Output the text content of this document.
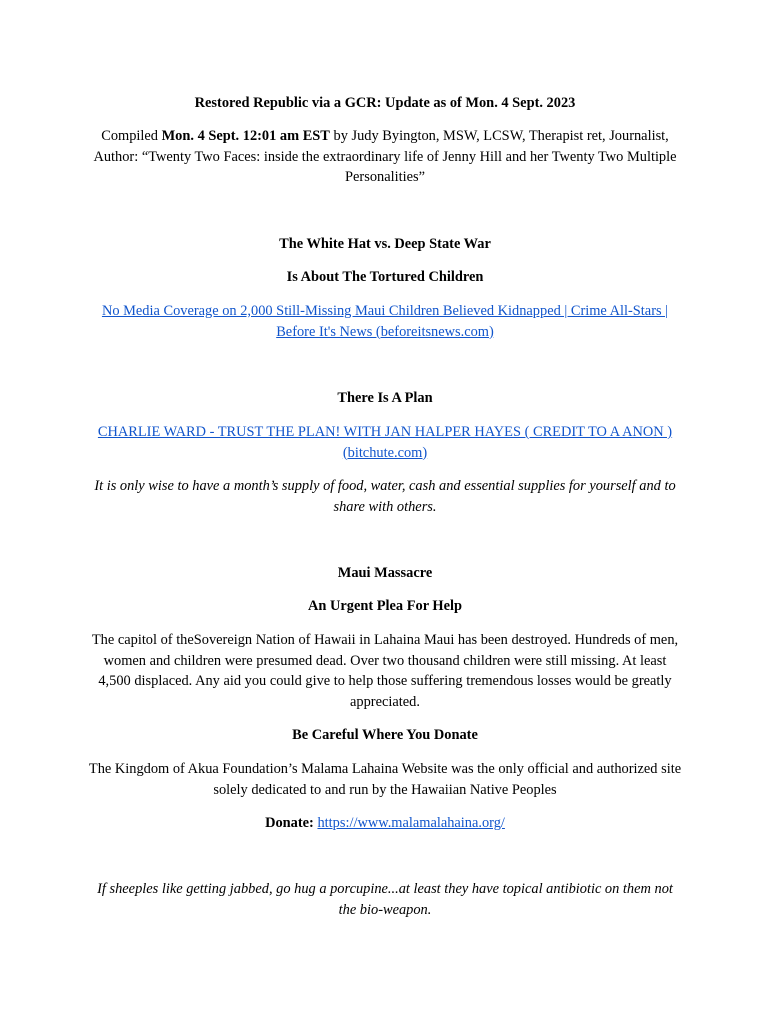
Restored Republic via a GCR: Update as of Mon. 4 Sept. 2023

Compiled Mon. 4 Sept. 12:01 am EST by Judy Byington, MSW, LCSW, Therapist ret, Journalist, Author: “Twenty Two Faces: inside the extraordinary life of Jenny Hill and her Twenty Two Multiple Personalities”

The White Hat vs. Deep State War

Is About The Tortured Children

No Media Coverage on 2,000 Still-Missing Maui Children Believed Kidnapped | Crime All-Stars | Before It's News (beforeitsnews.com)

There Is A Plan

CHARLIE WARD - TRUST THE PLAN! WITH JAN HALPER HAYES ( CREDIT TO A ANON ) (bitchute.com)

It is only wise to have a month’s supply of food, water, cash and essential supplies for yourself and to share with others.

Maui Massacre

An Urgent Plea For Help

The capitol of theSovereign Nation of Hawaii in Lahaina Maui has been destroyed. Hundreds of men, women and children were presumed dead. Over two thousand children were still missing. At least 4,500 displaced. Any aid you could give to help those suffering tremendous losses would be greatly appreciated.

Be Careful Where You Donate

The Kingdom of Akua Foundation’s Malama Lahaina Website was the only official and authorized site solely dedicated to and run by the Hawaiian Native Peoples

Donate: https://www.malamalahaina.org/

If sheeples like getting jabbed, go hug a porcupine...at least they have topical antibiotic on them not the bio-weapon.
